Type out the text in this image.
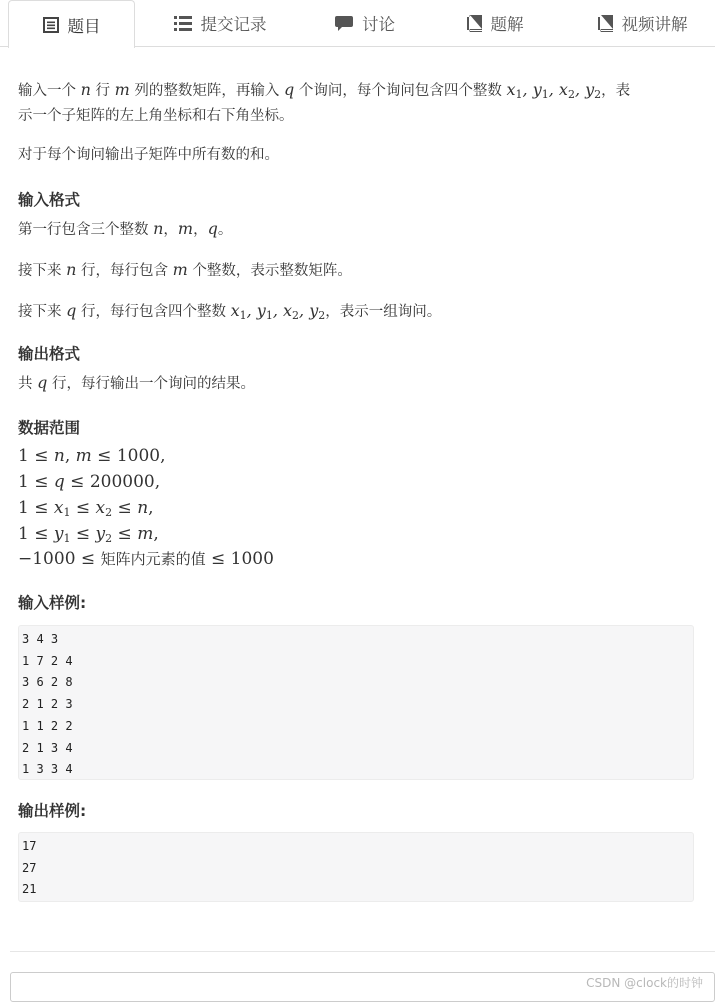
题目	提交记录	讨论	题解	视频讲解

输入一个 n 行 m 列的整数矩阵，再输入 q 个询问，每个询问包含四个整数 $x_1$, $y_1$, $x_2$, $y_2$，表

示一个子矩阵的左上角坐标和右下角坐标。

对于每个询问输出子矩阵中所有数的和。

输入格式

第一行包含三个整数 n，m，q。

接下来 n 行，每行包含 m 个整数，表示整数矩阵。

接下来 q 行，每行包含四个整数 $x_1$, $y_1$, $x_2$, $y_2$，表示一组询问。

输出格式

共 q 行，每行输出一个询问的结果。

数据范围
1 ≤ n, m ≤ 1000,
1 ≤ q ≤ 200000,
$1 \le x_1 \le x_2 \le n$,
$1 \le y_1 \le y_2 \le m$,
−1000 ≤ 矩阵内元素的值 ≤ 1000
输入样例:
3 4 3
1 7 2 4
3 6 2 8
2 1 2 3
1 1 2 2
2 1 3 4
1 3 3 4
输出样例:
17
27
21
CSDN @clock的时钟
